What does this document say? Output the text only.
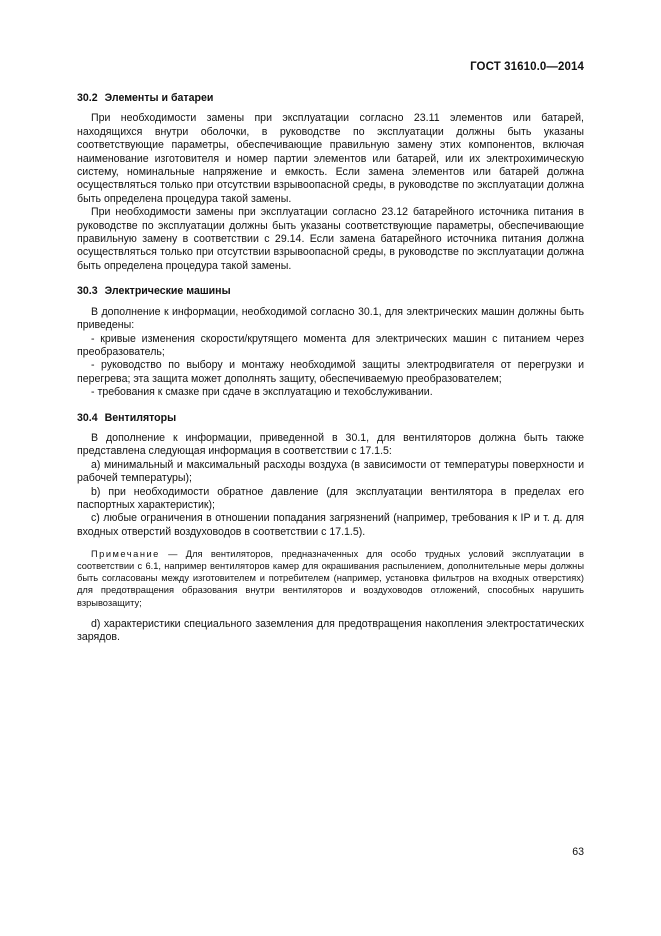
ГОСТ 31610.0—2014
30.2 Элементы и батареи

При необходимости замены при эксплуатации согласно 23.11 элементов или батарей, находящихся внутри оболочки, в руководстве по эксплуатации должны быть указаны соответствующие параметры, обеспечивающие правильную замену этих компонентов, включая наименование изготовителя и номер партии элементов или батарей, или их электрохимическую систему, номинальные напряжение и емкость. Если замена элементов или батарей должна осуществляться только при отсутствии взрывоопасной среды, в руководстве по эксплуатации должна быть определена процедура такой замены.

При необходимости замены при эксплуатации согласно 23.12 батарейного источника питания в руководстве по эксплуатации должны быть указаны соответствующие параметры, обеспечивающие правильную замену в соответствии с 29.14. Если замена батарейного источника питания должна осуществляться только при отсутствии взрывоопасной среды, в руководстве по эксплуатации должна быть определена процедура такой замены.

30.3 Электрические машины

В дополнение к информации, необходимой согласно 30.1, для электрических машин должны быть приведены:

- кривые изменения скорости/крутящего момента для электрических машин с питанием через преобразователь;

- руководство по выбору и монтажу необходимой защиты электродвигателя от перегрузки и перегрева; эта защита может дополнять защиту, обеспечиваемую преобразователем;

- требования к смазке при сдаче в эксплуатацию и техобслуживании.

30.4 Вентиляторы

В дополнение к информации, приведенной в 30.1, для вентиляторов должна быть также представлена следующая информация в соответствии с 17.1.5:

а) минимальный и максимальный расходы воздуха (в зависимости от температуры поверхности и рабочей температуры);

b) при необходимости обратное давление (для эксплуатации вентилятора в пределах его паспортных характеристик);

с) любые ограничения в отношении попадания загрязнений (например, требования к IP и т. д. для входных отверстий воздуховодов в соответствии с 17.1.5).

Примечание — Для вентиляторов, предназначенных для особо трудных условий эксплуатации в соответствии с 6.1, например вентиляторов камер для окрашивания распылением, дополнительные меры должны быть согласованы между изготовителем и потребителем (например, установка фильтров на входных отверстиях) для предотвращения образования внутри вентиляторов и воздуховодов отложений, способных нарушить взрывозащиту;

d) характеристики специального заземления для предотвращения накопления электростатических зарядов.

63
